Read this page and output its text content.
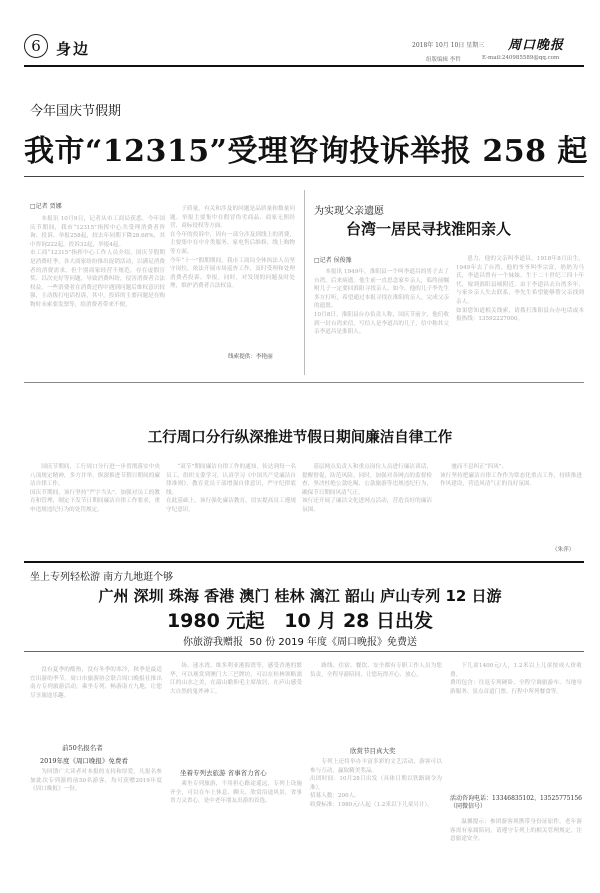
6 身边	2018年 10月 10日 星期三 周口晚报
组版编辑 李哲	E-mail:240985589@qq.com
今年国庆节假期
我市“12315”受理咨询投诉举报 258 起
□记者 贾娜

本报讯 10月9日，记者从市工商局获悉，今年国庆节期间，我市“12315”指挥中心共受理消费者咨询、投诉、举报258起，较去年同期下降28.68%，其中咨询222起，投诉32起，举报4起。
市工商“12315”指挥中心工作人员介绍，国庆节假期是消费旺季，各大商家纷纷推出促销活动，以满足消费者的消费需求。但个别商家经营不规范，存在虚假宣奖、以次充好等问题，导致消费纠纷，侵害消费者合法权益，一些消费者在消费过程中遇到问题后维权意识较强，主动拨打电话投诉，其中，投诉的主要问题是在购物时未索要发票等，给消费者带来不便。

子质量，有关和涉及的问题是品质量和数量问题。举报主要集中在假冒伪劣商品、商家无照经营、商标侵权等方面。
在今年的投诉中，因有一部分涉及到线上的消费，主要集中在中介类服务、家电售后维修、线上购物等方面。
今年“十一”假期期间，我市工商局全体执法人员坚守岗位，依法开展市场巡查工作，及时受理和处理消费者投诉、举报。同时，对发现的问题及时处理，维护消费者合法权益。

线索提供：李艳丽
为实现父亲遗愿
台湾一居民寻找淮阳亲人
□记者 侯俊豫

本报讯 1949年，淮阳县一个叫李道昌的男子去了台湾，后来病逝。他生前一直思念家乡亲人，临终前嘱咐儿子一定要回淮阳寻找亲人。如今，他的儿子李先生多方打听，希望通过本报寻找在淮阳的亲人，完成父亲的遗愿。
10月8日，淮阳县台办负责人称，国庆节前夕，他们收到一封台湾来信，写信人是李道昌的儿子，信中称其父亲李道昌是淮阳人。

患力，他的父亲叫李道昌，1918年8月出生，1949年去了台湾，他的爷爷叫李宗富，奶奶为马氏，李道昌曾有一个妹妹，生于二十世纪三四十年代，嫁到淮阳县城附近。由于李道昌去台湾多年，与家乡亲人失去联系，李先生希望能够帮父亲找到亲人。
如果您知道相关线索，请拨打淮阳县台办电话或本报热线：13592227000。

工行周口分行纵深推进节假日期间廉洁自律工作

国庆节期间，工行周口分行进一步贯彻落实中央八项规定精神，多方并举，纵深推进节假日期间的廉洁自律工作。
国庆节期间，该行坚持“严字当头”，加强对员工的教育和管理，制定下发节日期间廉洁自律工作要求，重申违规违纪行为的处罚规定。

“双节”期间廉洁自律工作的通知，传达到每一名员工，组织支委学习，认真学习《中国共产党廉洁自律准则》，教育党员干部增强自律意识，严守纪律底线。
在此基础上，该行强化廉洁教育，切实提高员工遵规守纪意识。

基层网点负责人和重点岗位人员进行廉洁谈话，提醒督促，防范风险。同时，加强对各网点的监督检查，坚决杜绝公款吃喝、公款旅游等违规违纪行为，确保节日期间风清气正。
该行还开展了廉洁文化进网点活动，营造良好的廉洁氛围。

驰而不息纠正“四风”。
该行坚持把廉洁自律工作作为常态化重点工作，持续推进作风建设，营造风清气正的良好氛围。

（朱萍）
坐上专列轻松游 南方九地逛个够
广州 深圳 珠海 香港 澳门 桂林 漓江 韶山 庐山专列 12 日游
1980 元起   10 月 28 日出发
你旅游我赠报  50 份 2019 年度《周口晚报》免费送

没有夏季的酷热，没有冬季的寒冷，秋季是最适宜出游的季节。周口市旅游协会联合周口晚报社推出南方专列旅游活动，乘坐专列，畅游南方九地，让您尽享旅途乐趣。

前50名报名者
2019年度《周口晚报》免费看

为回馈广大读者对本报的支持和厚爱，凡报名参加此次专列游的前50名游客，均可获赠2019年度《周口晚报》一份。

场、迷水湾、维多利亚港海湾等，感受香港的繁华，可以观赏到澳门大三巴牌坊，可以在桂林领略漓江的山水之美，在韶山瞻仰毛主席故居，在庐山感受大自然的鬼斧神工。

坐着专列去旅游 省事省力省心

乘坐专列旅游，不用担心路途遥远，专列上设施齐全，可以在车上休息、聊天、欣赏沿途风景，省事省力又省心，是中老年朋友出游的首选。

路线、住宿、餐饮、安全都有专职工作人员为您负责，全程导游陪同，让您玩得开心、放心。

欣赏节目真大奖

专列上还将举办丰富多彩的文艺活动，游客可以参与互动，赢取精美奖品。
出团时间：10月28日出发（具体日期以铁路调令为准）。
招募人数：200人。
收费标准：1980元/人起（1.2米以下儿童另计）。

下儿童1400元/人，1.2米以上儿童按成人价收费。
费用包含：往返专列硬卧、全程空调旅游车、当地导游服务、景点首道门票、行程中所列餐食等。

活动咨询电话：13346835102、13525775156（同微信号）

温馨提示：参团游客须携带身份证原件，老年游客需有家属陪同，请遵守专列上的相关管理规定，注意旅途安全。
